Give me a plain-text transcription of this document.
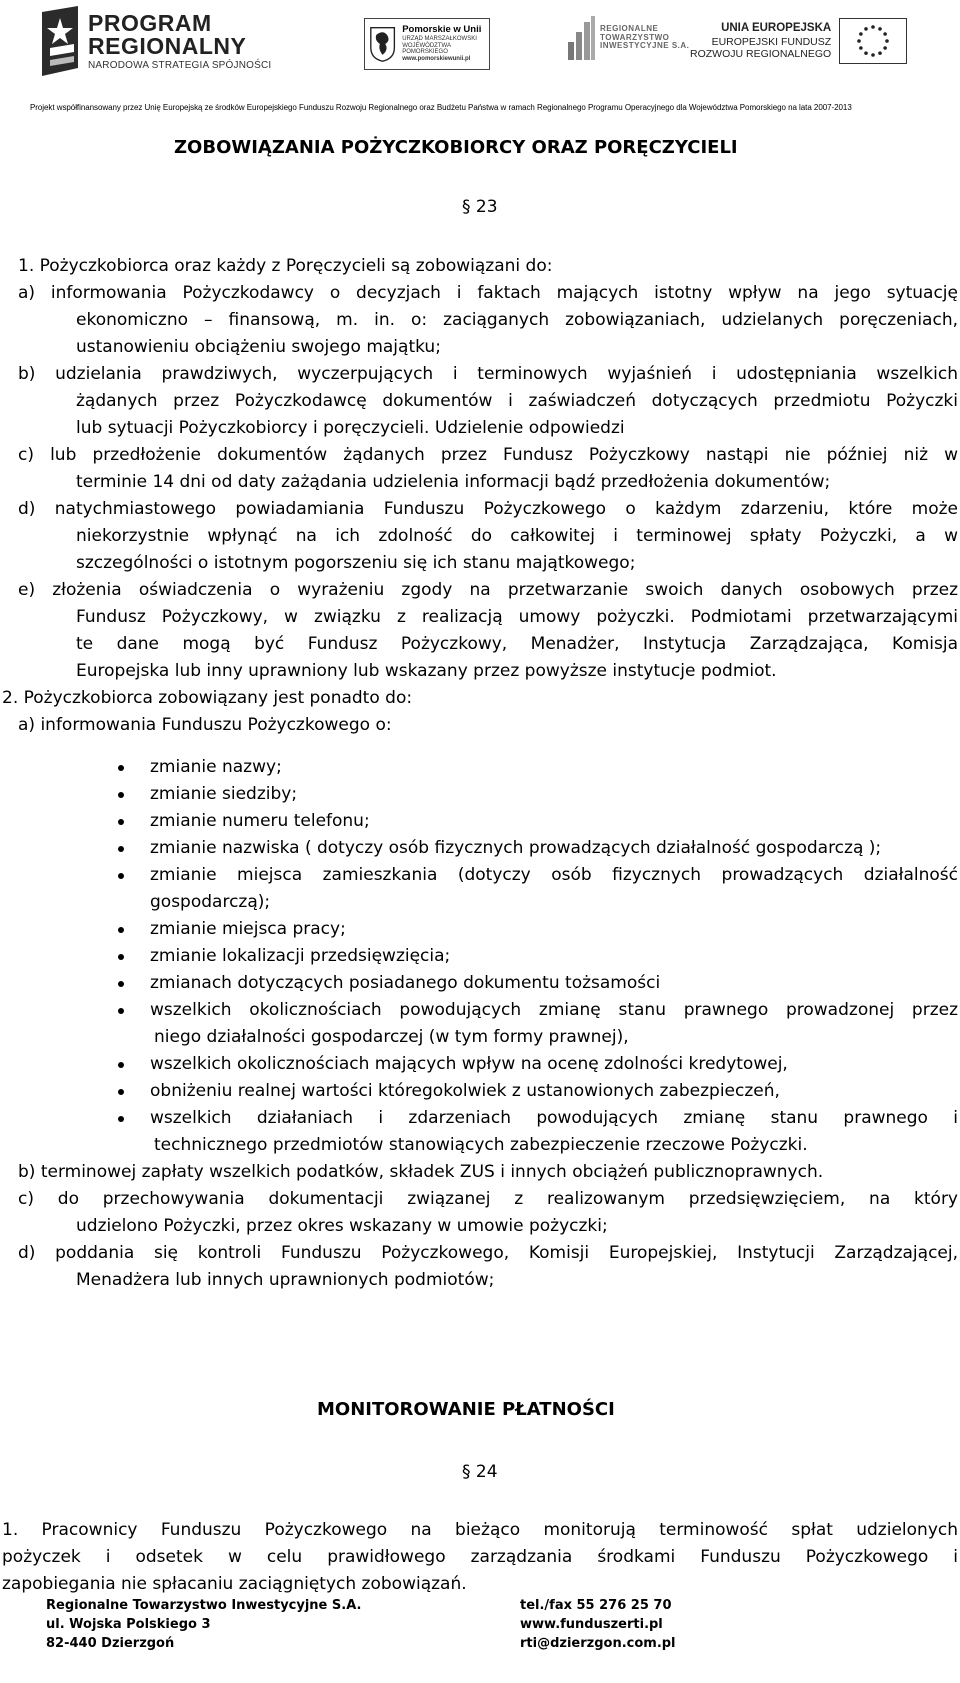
PROGRAM
REGIONALNY
NARODOWA STRATEGIA SPÓJNOŚCI
Pomorskie w Unii
URZĄD MARSZAŁKOWSKI
WOJEWÓDZTWA POMORSKIEGO
www.pomorskiewunii.pl
REGIONALNE
TOWARZYSTWO
INWESTYCYJNE S.A.
UNIA EUROPEJSKA
EUROPEJSKI FUNDUSZ
ROZWOJU REGIONALNEGO
Projekt współfinansowany przez Unię Europejską ze środków Europejskiego Funduszu Rozwoju Regionalnego oraz Budżetu Państwa w ramach Regionalnego Programu Operacyjnego dla Województwa Pomorskiego na lata 2007-2013
ZOBOWIĄZANIA POŻYCZKOBIORCY ORAZ PORĘCZYCIELI
§ 23
MONITOROWANIE PŁATNOŚCI
§ 24
Regionalne Towarzystwo Inwestycyjne S.A.
ul. Wojska Polskiego 3
82-440 Dzierzgoń
tel./fax 55 276 25 70
www.funduszerti.pl
rti@dzierzgon.com.pl
1. Pożyczkobiorca oraz każdy z Poręczycieli są zobowiązani do:
a) informowania Pożyczkodawcy o decyzjach i faktach mających istotny wpływ na jego sytuację
ekonomiczno – finansową, m. in. o: zaciąganych zobowiązaniach, udzielanych poręczeniach,
ustanowieniu obciążeniu swojego majątku;
b) udzielania prawdziwych, wyczerpujących i terminowych wyjaśnień i udostępniania wszelkich
żądanych przez Pożyczkodawcę dokumentów i zaświadczeń dotyczących przedmiotu Pożyczki
lub sytuacji Pożyczkobiorcy i poręczycieli. Udzielenie odpowiedzi
c) lub przedłożenie dokumentów żądanych przez Fundusz Pożyczkowy nastąpi nie później niż w
terminie 14 dni od daty zażądania udzielenia informacji bądź przedłożenia dokumentów;
d) natychmiastowego powiadamiania Funduszu Pożyczkowego o każdym zdarzeniu, które może
niekorzystnie wpłynąć na ich zdolność do całkowitej i terminowej spłaty Pożyczki, a w
szczególności o istotnym pogorszeniu się ich stanu majątkowego;
e) złożenia oświadczenia o wyrażeniu zgody na przetwarzanie swoich danych osobowych przez
Fundusz Pożyczkowy, w związku z realizacją umowy pożyczki. Podmiotami przetwarzającymi
te dane mogą być Fundusz Pożyczkowy, Menadżer, Instytucja Zarządzająca, Komisja
Europejska lub inny uprawniony lub wskazany przez powyższe instytucje podmiot.
2. Pożyczkobiorca zobowiązany jest ponadto do:
a) informowania Funduszu Pożyczkowego o:
zmianie nazwy;
zmianie siedziby;
zmianie numeru telefonu;
zmianie nazwiska ( dotyczy osób fizycznych prowadzących działalność gospodarczą );
zmianie miejsca zamieszkania (dotyczy osób fizycznych prowadzących działalność
gospodarczą);
zmianie miejsca pracy;
zmianie lokalizacji przedsięwzięcia;
zmianach dotyczących posiadanego dokumentu tożsamości
wszelkich okolicznościach powodujących zmianę stanu prawnego prowadzonej przez
niego działalności gospodarczej (w tym formy prawnej),
wszelkich okolicznościach mających wpływ na ocenę zdolności kredytowej,
obniżeniu realnej wartości któregokolwiek z ustanowionych zabezpieczeń,
wszelkich działaniach i zdarzeniach powodujących zmianę stanu prawnego i
technicznego przedmiotów stanowiących zabezpieczenie rzeczowe Pożyczki.
b) terminowej zapłaty wszelkich podatków, składek ZUS i innych obciążeń publicznoprawnych.
c) do przechowywania dokumentacji związanej z realizowanym przedsięwzięciem, na który
udzielono Pożyczki, przez okres wskazany w umowie pożyczki;
d) poddania się kontroli Funduszu Pożyczkowego, Komisji Europejskiej, Instytucji Zarządzającej,
Menadżera lub innych uprawnionych podmiotów;
1. Pracownicy Funduszu Pożyczkowego na bieżąco monitorują terminowość spłat udzielonych
pożyczek i odsetek w celu prawidłowego zarządzania środkami Funduszu Pożyczkowego i
zapobiegania nie spłacaniu zaciągniętych zobowiązań.
